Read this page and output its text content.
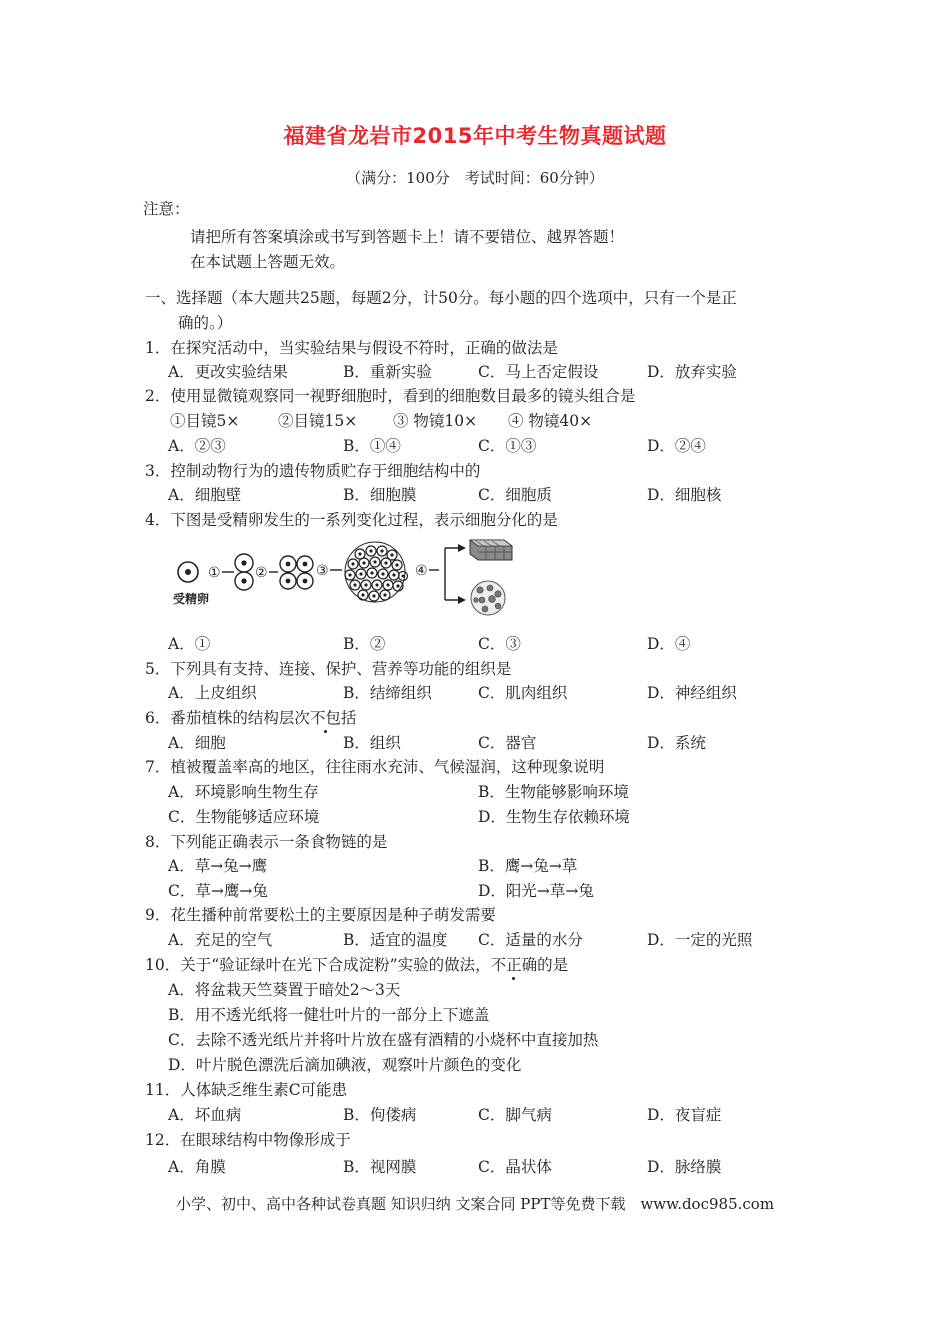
福建省龙岩市2015年中考生物真题试题
（满分：100分　考试时间：60分钟）
注意：
请把所有答案填涂或书写到答题卡上！请不要错位、越界答题！
在本试题上答题无效。
一、选择题（本大题共25题，每题2分，计50分。每小题的四个选项中，只有一个是正
确的。）
1．在探究活动中，当实验结果与假设不符时，正确的做法是
A．更改实验结果	B．重新实验	C．马上否定假设	D．放弃实验
2．使用显微镜观察同一视野细胞时，看到的细胞数目最多的镜头组合是
①目镜5× ②目镜15× ③ 物镜10× ④ 物镜40×
A．②③	B．①④	C．①③	D．②④
3．控制动物行为的遗传物质贮存于细胞结构中的
A．细胞壁	B．细胞膜	C．细胞质	D．细胞核
4．下图是受精卵发生的一系列变化过程，表示细胞分化的是
受精卵
① ②	③	④
A．①	B．②	C．③	D．④
5．下列具有支持、连接、保护、营养等功能的组织是
A．上皮组织	B．结缔组织	C．肌肉组织	D．神经组织
6．番茄植株的结构层次不包括
A．细胞	B．组织	C．器官	D．系统
7．植被覆盖率高的地区，往往雨水充沛、气候湿润，这种现象说明
A．环境影响生物生存	B．生物能够影响环境
C．生物能够适应环境	D．生物生存依赖环境
8．下列能正确表示一条食物链的是
A．草→兔→鹰	B．鹰→兔→草
C．草→鹰→兔	D．阳光→草→兔
9．花生播种前常要松土的主要原因是种子萌发需要
A．充足的空气	B．适宜的温度 C．适量的水分	D．一定的光照
10．关于“验证绿叶在光下合成淀粉”实验的做法，不正确的是
A．将盆栽天竺葵置于暗处2～3天
B．用不透光纸将一健壮叶片的一部分上下遮盖
C．去除不透光纸片并将叶片放在盛有酒精的小烧杯中直接加热
D．叶片脱色漂洗后滴加碘液，观察叶片颜色的变化
11．人体缺乏维生素C可能患
A．坏血病	B．佝偻病	C．脚气病	D．夜盲症
12．在眼球结构中物像形成于
A．角膜	B．视网膜	C．晶状体	D．脉络膜
小学、初中、高中各种试卷真题 知识归纳 文案合同 PPT等免费下载　www.doc985.com
